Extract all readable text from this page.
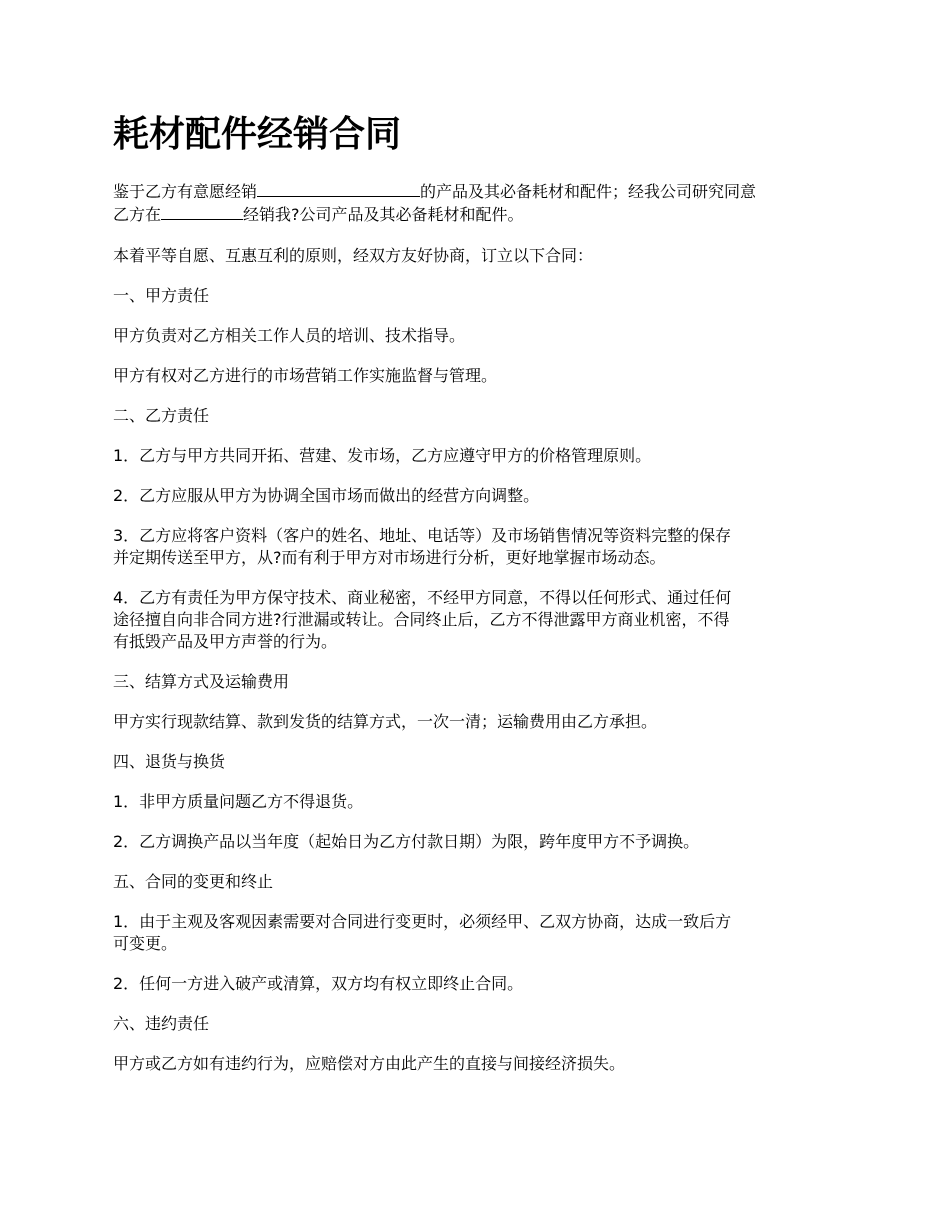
耗材配件经销合同

鉴于乙方有意愿经销	的产品及其必备耗材和配件；经我公司研究同意

乙方在	经销我?公司产品及其必备耗材和配件。

本着平等自愿、互惠互利的原则，经双方友好协商，订立以下合同：

一、甲方责任

甲方负责对乙方相关工作人员的培训、技术指导。

甲方有权对乙方进行的市场营销工作实施监督与管理。

二、乙方责任

1．乙方与甲方共同开拓、营建、发市场，乙方应遵守甲方的价格管理原则。

2．乙方应服从甲方为协调全国市场而做出的经营方向调整。

3．乙方应将客户资料（客户的姓名、地址、电话等）及市场销售情况等资料完整的保存

并定期传送至甲方，从?而有利于甲方对市场进行分析，更好地掌握市场动态。

4．乙方有责任为甲方保守技术、商业秘密，不经甲方同意，不得以任何形式、通过任何

途径擅自向非合同方进?行泄漏或转让。合同终止后，乙方不得泄露甲方商业机密，不得

有抵毁产品及甲方声誉的行为。

三、结算方式及运输费用

甲方实行现款结算、款到发货的结算方式，一次一清；运输费用由乙方承担。

四、退货与换货

1．非甲方质量问题乙方不得退货。

2．乙方调换产品以当年度（起始日为乙方付款日期）为限，跨年度甲方不予调换。

五、合同的变更和终止

1．由于主观及客观因素需要对合同进行变更时，必须经甲、乙双方协商，达成一致后方

可变更。

2．任何一方进入破产或清算，双方均有权立即终止合同。

六、违约责任

甲方或乙方如有违约行为，应赔偿对方由此产生的直接与间接经济损失。
